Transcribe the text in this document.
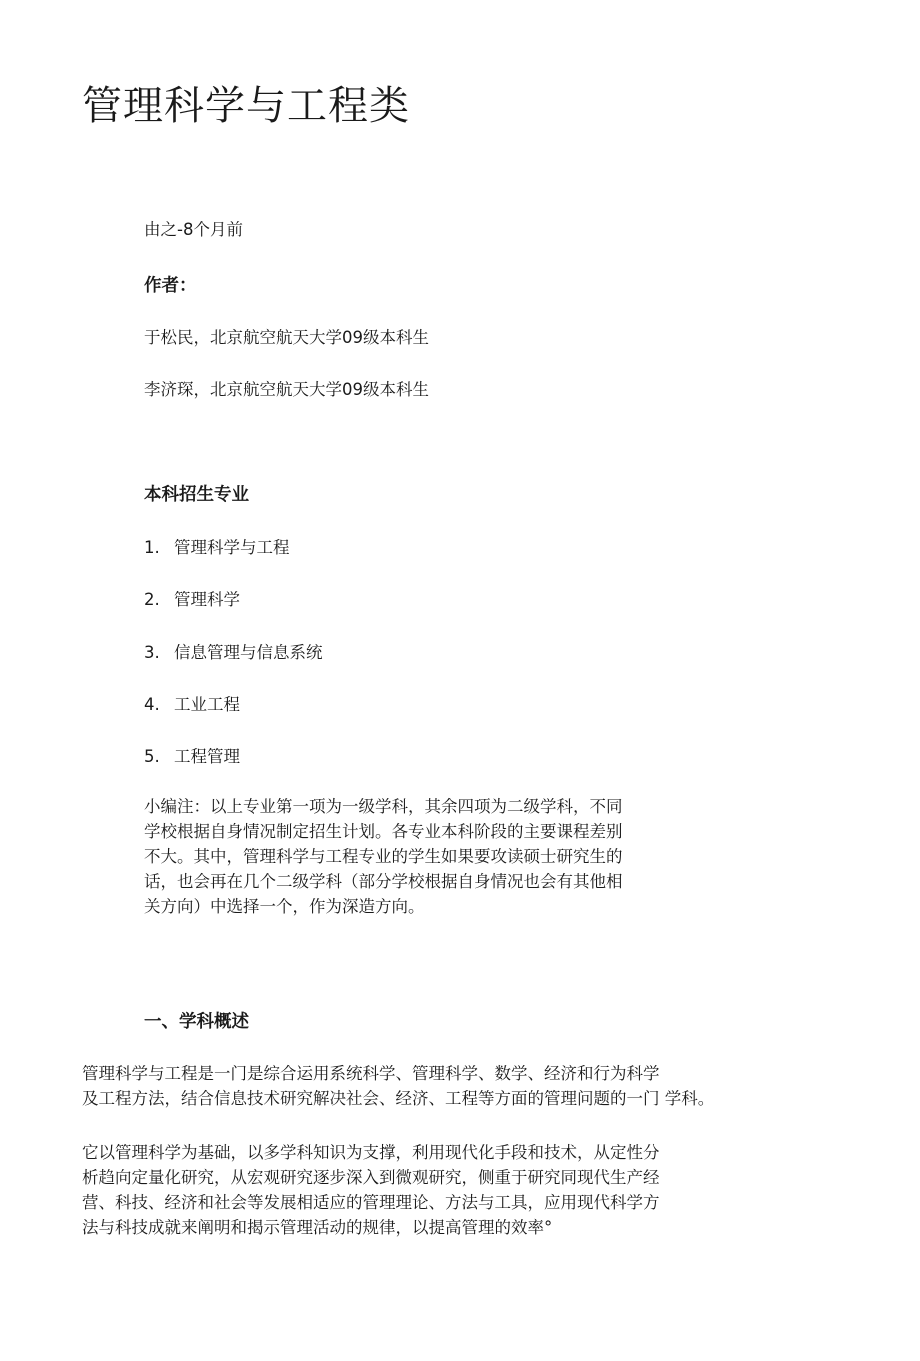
管理科学与工程类

由之-8个月前

作者：

于松民，北京航空航天大学09级本科生

李济琛，北京航空航天大学09级本科生

本科招生专业

1. 管理科学与工程
2. 管理科学
3. 信息管理与信息系统
4. 工业工程
5. 工程管理
小编注：以上专业第一项为一级学科，其余四项为二级学科，不同
学校根据自身情况制定招生计划。各专业本科阶段的主要课程差别
不大。其中，管理科学与工程专业的学生如果要攻读硕士研究生的
话，也会再在几个二级学科（部分学校根据自身情况也会有其他相
关方向）中选择一个，作为深造方向。

一、学科概述

管理科学与工程是一门是综合运用系统科学、管理科学、数学、经济和行为科学
及工程方法，结合信息技术研究解决社会、经济、工程等方面的管理问题的一门 学科。
它以管理科学为基础，以多学科知识为支撑，利用现代化手段和技术，从定性分
析趋向定量化研究，从宏观研究逐步深入到微观研究，侧重于研究同现代生产经
营、科技、经济和社会等发展相适应的管理理论、方法与工具，应用现代科学方
法与科技成就来阐明和揭示管理活动的规律，以提高管理的效率°
